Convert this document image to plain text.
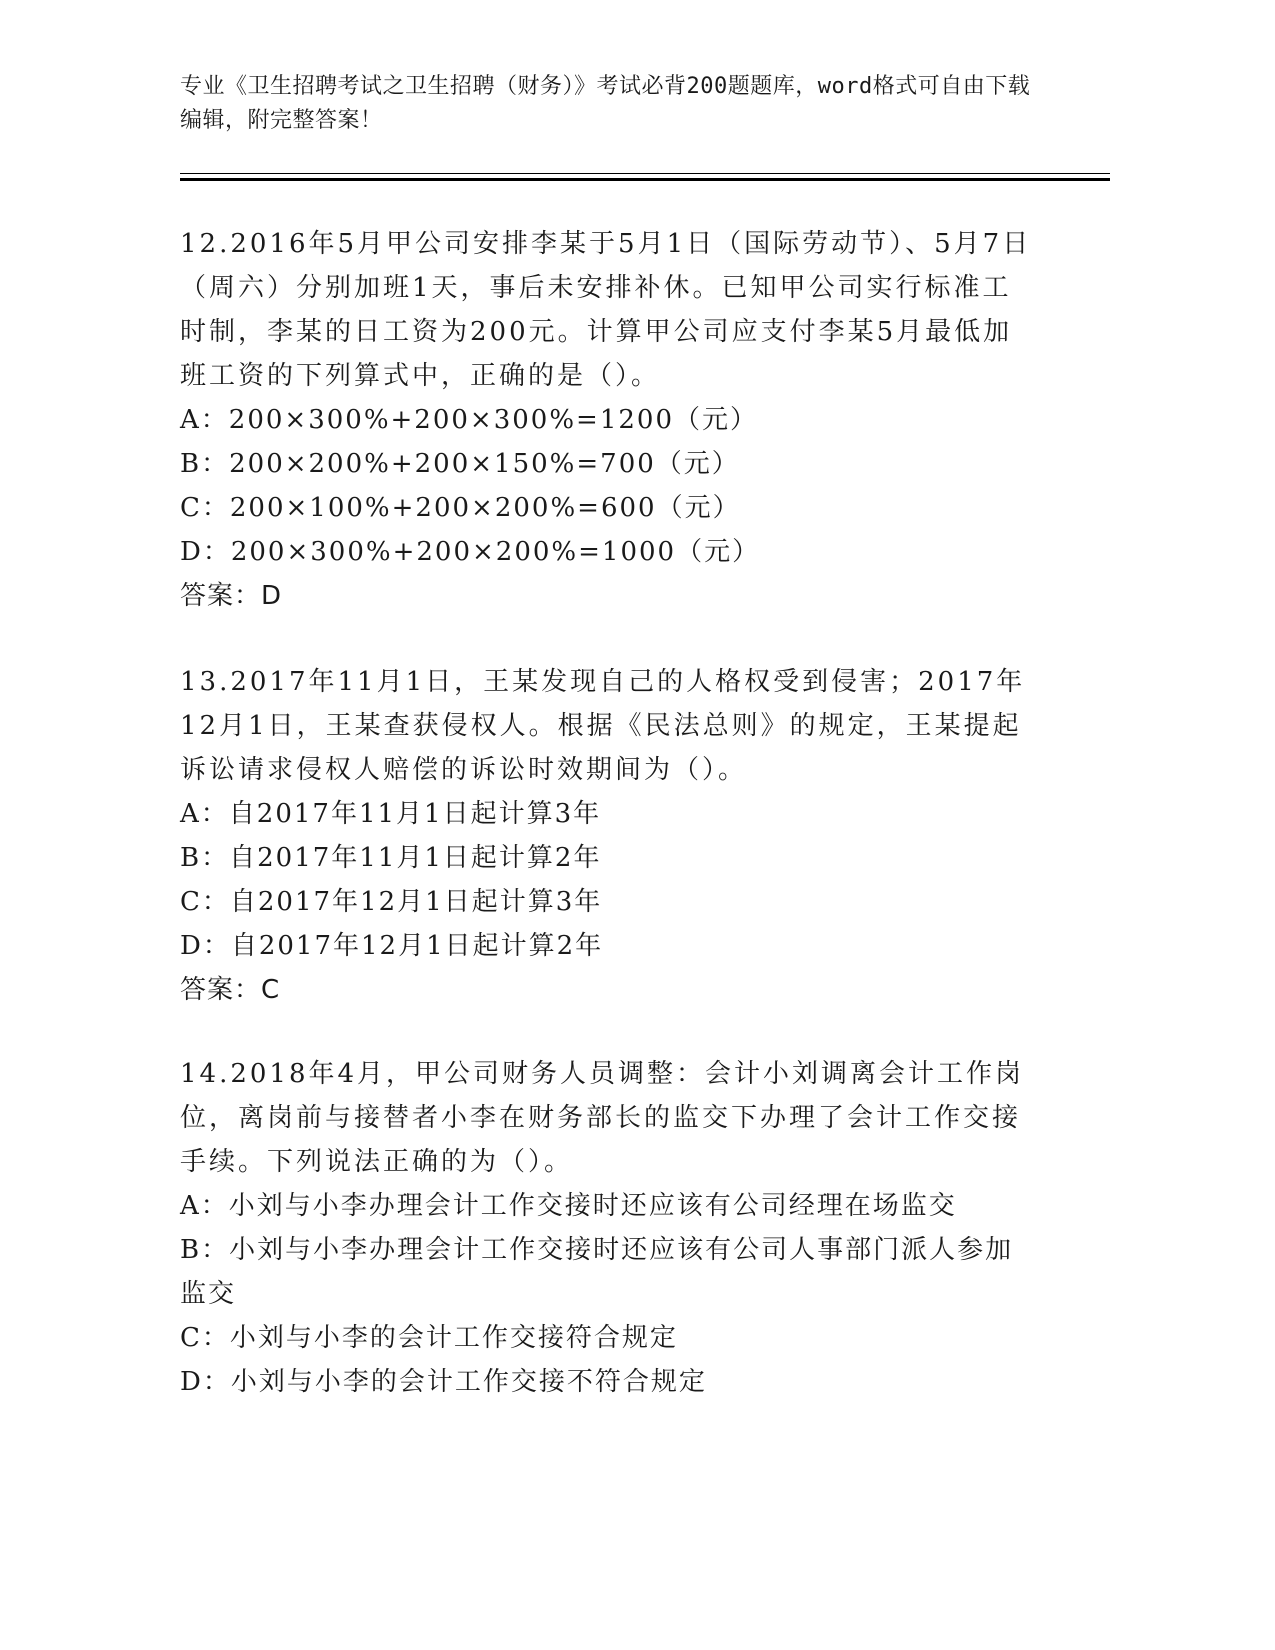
专业《卫生招聘考试之卫生招聘（财务）》考试必背200题题库，word格式可自由下载编辑，附完整答案！

12.2016年5月甲公司安排李某于5月1日（国际劳动节）、5月7日（周六）分别加班1天，事后未安排补休。已知甲公司实行标准工时制，李某的日工资为200元。计算甲公司应支付李某5月最低加班工资的下列算式中，正确的是（）。

A：200×300%+200×300%=1200（元）

B：200×200%+200×150%=700（元）

C：200×100%+200×200%=600（元）

D：200×300%+200×200%=1000（元）

答案：D

13.2017年11月1日，王某发现自己的人格权受到侵害；2017年12月1日，王某查获侵权人。根据《民法总则》的规定，王某提起诉讼请求侵权人赔偿的诉讼时效期间为（）。

A：自2017年11月1日起计算3年

B：自2017年11月1日起计算2年

C：自2017年12月1日起计算3年

D：自2017年12月1日起计算2年

答案：C

14.2018年4月，甲公司财务人员调整：会计小刘调离会计工作岗位，离岗前与接替者小李在财务部长的监交下办理了会计工作交接手续。下列说法正确的为（）。

A：小刘与小李办理会计工作交接时还应该有公司经理在场监交

B：小刘与小李办理会计工作交接时还应该有公司人事部门派人参加监交

C：小刘与小李的会计工作交接符合规定

D：小刘与小李的会计工作交接不符合规定
